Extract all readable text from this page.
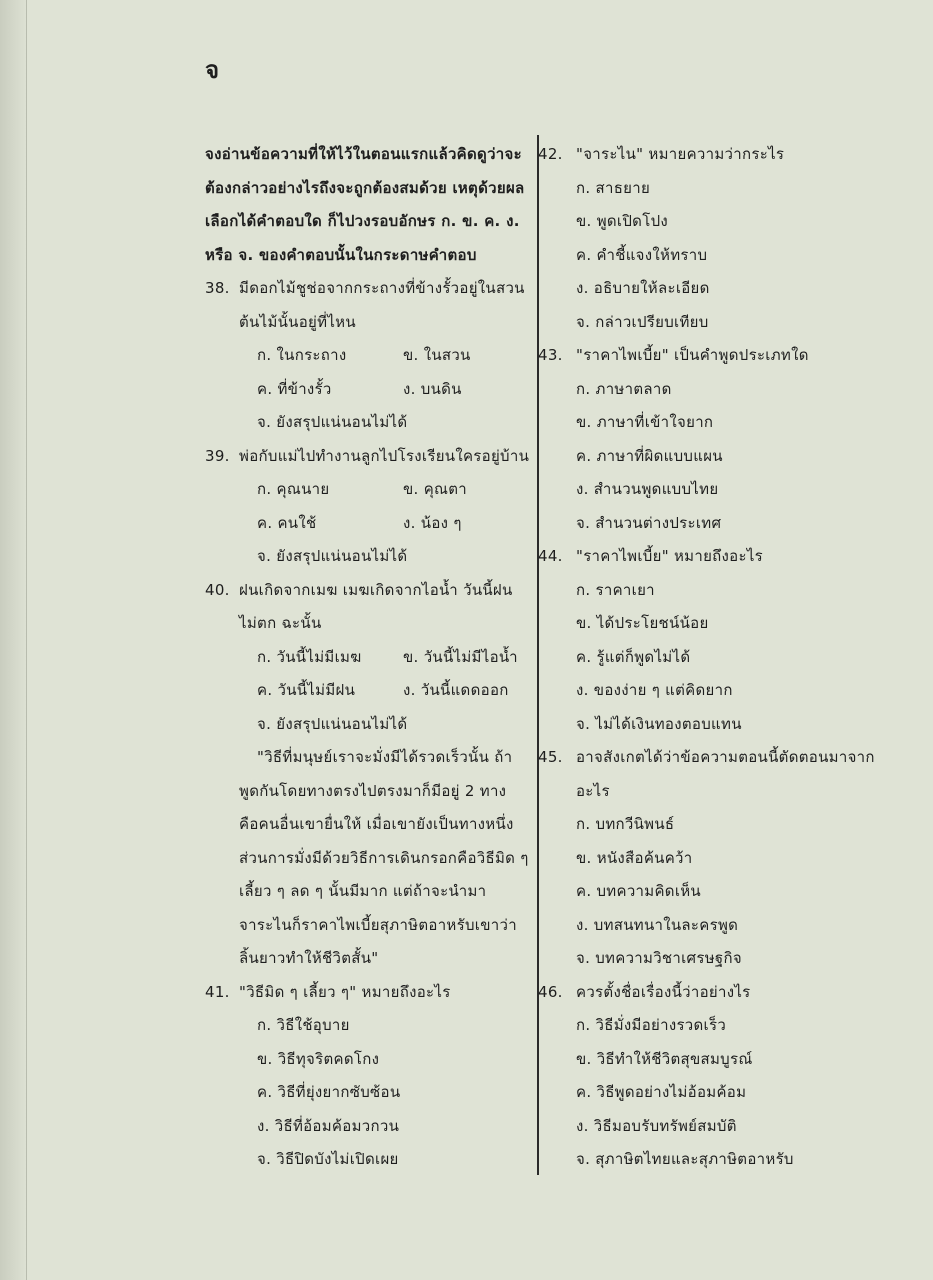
จ
จงอ่านข้อความที่ให้ไว้ในตอนแรกแล้วคิดดูว่าจะ
ต้องกล่าวอย่างไรถึงจะถูกต้องสมด้วย เหตุด้วยผล
เลือกได้คำตอบใด ก็ไปวงรอบอักษร ก. ข. ค. ง.
หรือ จ. ของคำตอบนั้นในกระดาษคำตอบ
38. มีดอกไม้ชูช่อจากกระถางที่ข้างรั้วอยู่ในสวน
ต้นไม้นั้นอยู่ที่ไหน
ก. ในกระถาง	ข. ในสวน
ค. ที่ข้างรั้ว	ง. บนดิน
จ. ยังสรุปแน่นอนไม่ได้
39. พ่อกับแม่ไปทำงานลูกไปโรงเรียนใครอยู่บ้าน
ก. คุณนาย	ข. คุณตา
ค. คนใช้	ง. น้อง ๆ
จ. ยังสรุปแน่นอนไม่ได้
40. ฝนเกิดจากเมฆ เมฆเกิดจากไอน้ำ วันนี้ฝน
ไม่ตก ฉะนั้น
ก. วันนี้ไม่มีเมฆ	ข. วันนี้ไม่มีไอน้ำ
ค. วันนี้ไม่มีฝน	ง. วันนี้แดดออก
จ. ยังสรุปแน่นอนไม่ได้
"วิธีที่มนุษย์เราจะมั่งมีได้รวดเร็วนั้น ถ้า
พูดกันโดยทางตรงไปตรงมาก็มีอยู่ 2 ทาง
คือคนอื่นเขายื่นให้ เมื่อเขายังเป็นทางหนึ่ง
ส่วนการมั่งมีด้วยวิธีการเดินกรอกคือวิธีมิด ๆ
เลี้ยว ๆ ลด ๆ นั้นมีมาก แต่ถ้าจะนำมา
จาระไนก็ราคาไพเบี้ยสุภาษิตอาหรับเขาว่า
ลิ้นยาวทำให้ชีวิตสั้น"
41. "วิธีมิด ๆ เลี้ยว ๆ" หมายถึงอะไร
ก. วิธีใช้อุบาย
ข. วิธีทุจริตคดโกง
ค. วิธีที่ยุ่งยากซับซ้อน
ง. วิธีที่อ้อมค้อมวกวน
จ. วิธีปิดบังไม่เปิดเผย
42. "จาระไน" หมายความว่ากระไร
ก. สาธยาย
ข. พูดเปิดโปง
ค. คำชี้แจงให้ทราบ
ง. อธิบายให้ละเอียด
จ. กล่าวเปรียบเทียบ
43. "ราคาไพเบี้ย" เป็นคำพูดประเภทใด
ก. ภาษาตลาด
ข. ภาษาที่เข้าใจยาก
ค. ภาษาที่ผิดแบบแผน
ง. สำนวนพูดแบบไทย
จ. สำนวนต่างประเทศ
44. "ราคาไพเบี้ย" หมายถึงอะไร
ก. ราคาเยา
ข. ได้ประโยชน์น้อย
ค. รู้แต่ก็พูดไม่ได้
ง. ของง่าย ๆ แต่คิดยาก
จ. ไม่ได้เงินทองตอบแทน
45. อาจสังเกตได้ว่าข้อความตอนนี้ตัดตอนมาจาก
อะไร
ก. บทกวีนิพนธ์
ข. หนังสือค้นคว้า
ค. บทความคิดเห็น
ง. บทสนทนาในละครพูด
จ. บทความวิชาเศรษฐกิจ
46. ควรตั้งชื่อเรื่องนี้ว่าอย่างไร
ก. วิธีมั่งมีอย่างรวดเร็ว
ข. วิธีทำให้ชีวิตสุขสมบูรณ์
ค. วิธีพูดอย่างไม่อ้อมค้อม
ง. วิธีมอบรับทรัพย์สมบัติ
จ. สุภาษิตไทยและสุภาษิตอาหรับ
